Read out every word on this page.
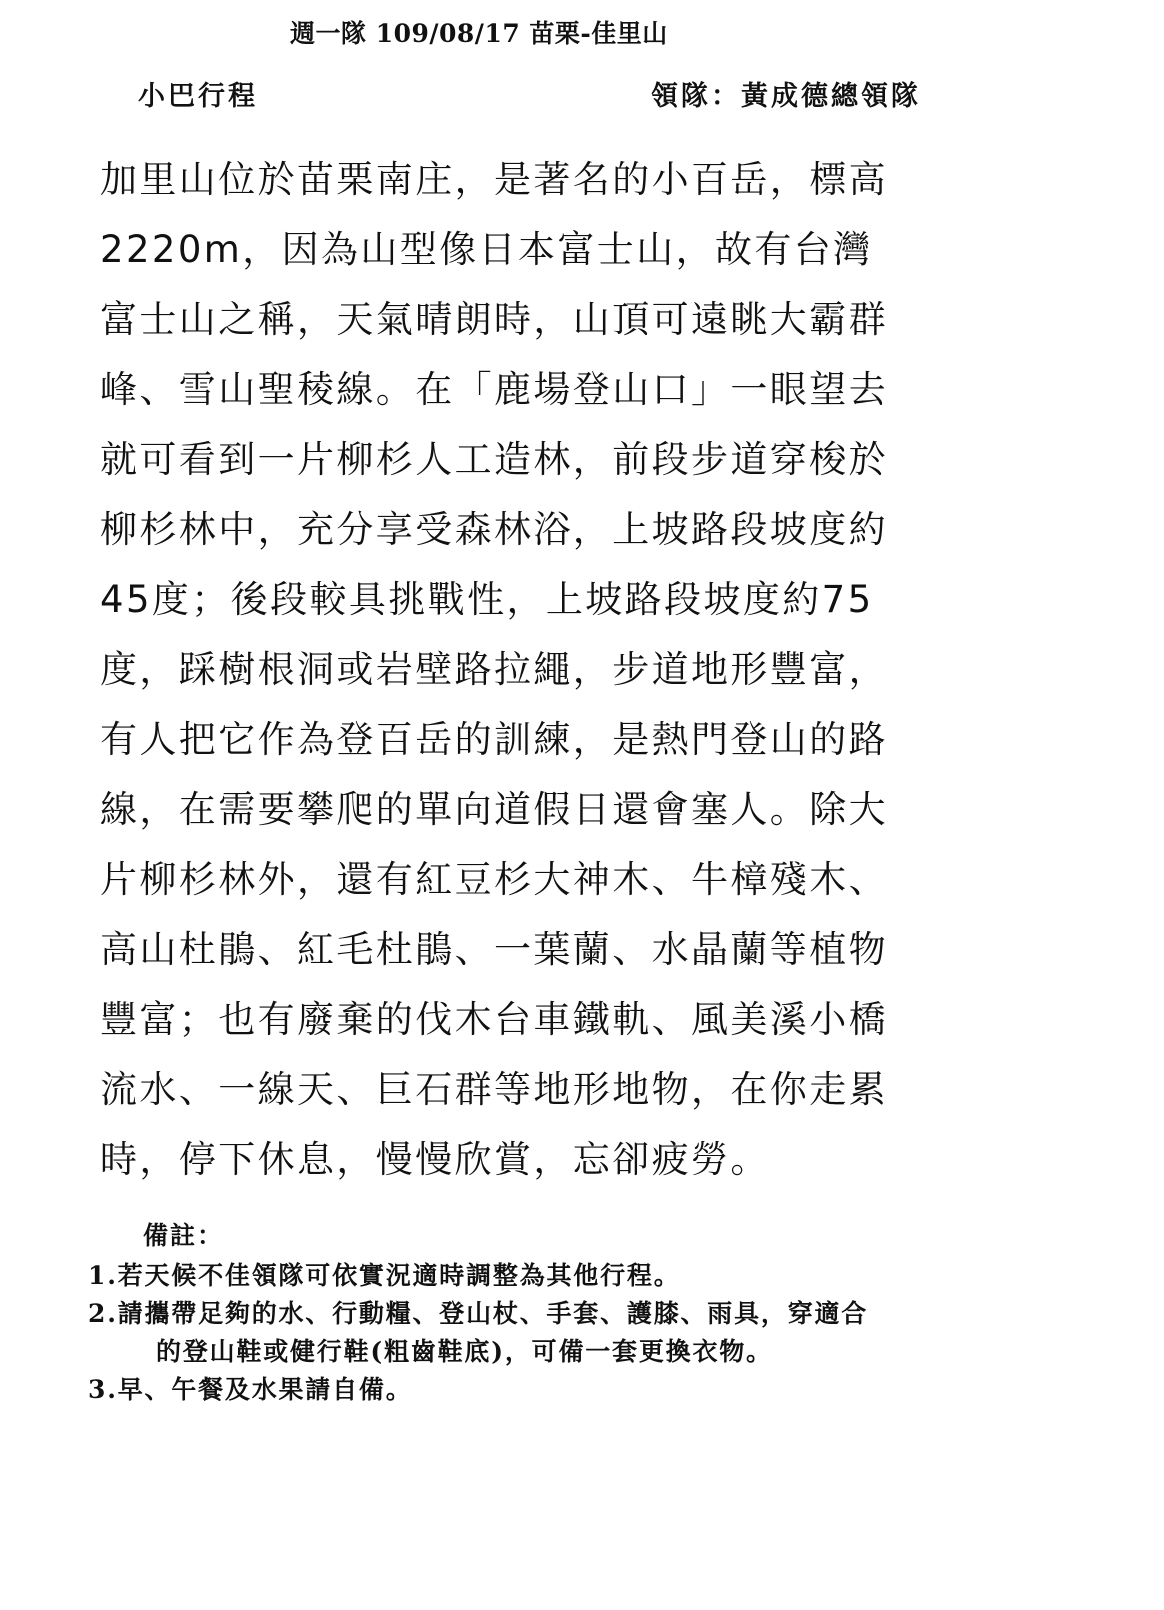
週一隊 109/08/17 苗栗-佳里山
小巴行程	領隊：黃成德總領隊
加里山位於苗栗南庄，是著名的小百岳，標高
2220m，因為山型像日本富士山，故有台灣
富士山之稱，天氣晴朗時，山頂可遠眺大霸群
峰、雪山聖稜線。在「鹿場登山口」一眼望去
就可看到一片柳杉人工造林，前段步道穿梭於
柳杉林中，充分享受森林浴，上坡路段坡度約
45度；後段較具挑戰性，上坡路段坡度約75
度，踩樹根洞或岩壁路拉繩，步道地形豐富，
有人把它作為登百岳的訓練，是熱門登山的路
線，在需要攀爬的單向道假日還會塞人。除大
片柳杉林外，還有紅豆杉大神木、牛樟殘木、
高山杜鵑、紅毛杜鵑、一葉蘭、水晶蘭等植物
豐富；也有廢棄的伐木台車鐵軌、風美溪小橋
流水、一線天、巨石群等地形地物，在你走累
時，停下休息，慢慢欣賞，忘卻疲勞。
備註：
1.若天候不佳領隊可依實況適時調整為其他行程。
2.請攜帶足夠的水、行動糧、登山杖、手套、護膝、雨具，穿適合
的登山鞋或健行鞋(粗齒鞋底)，可備一套更換衣物。
3.早、午餐及水果請自備。
